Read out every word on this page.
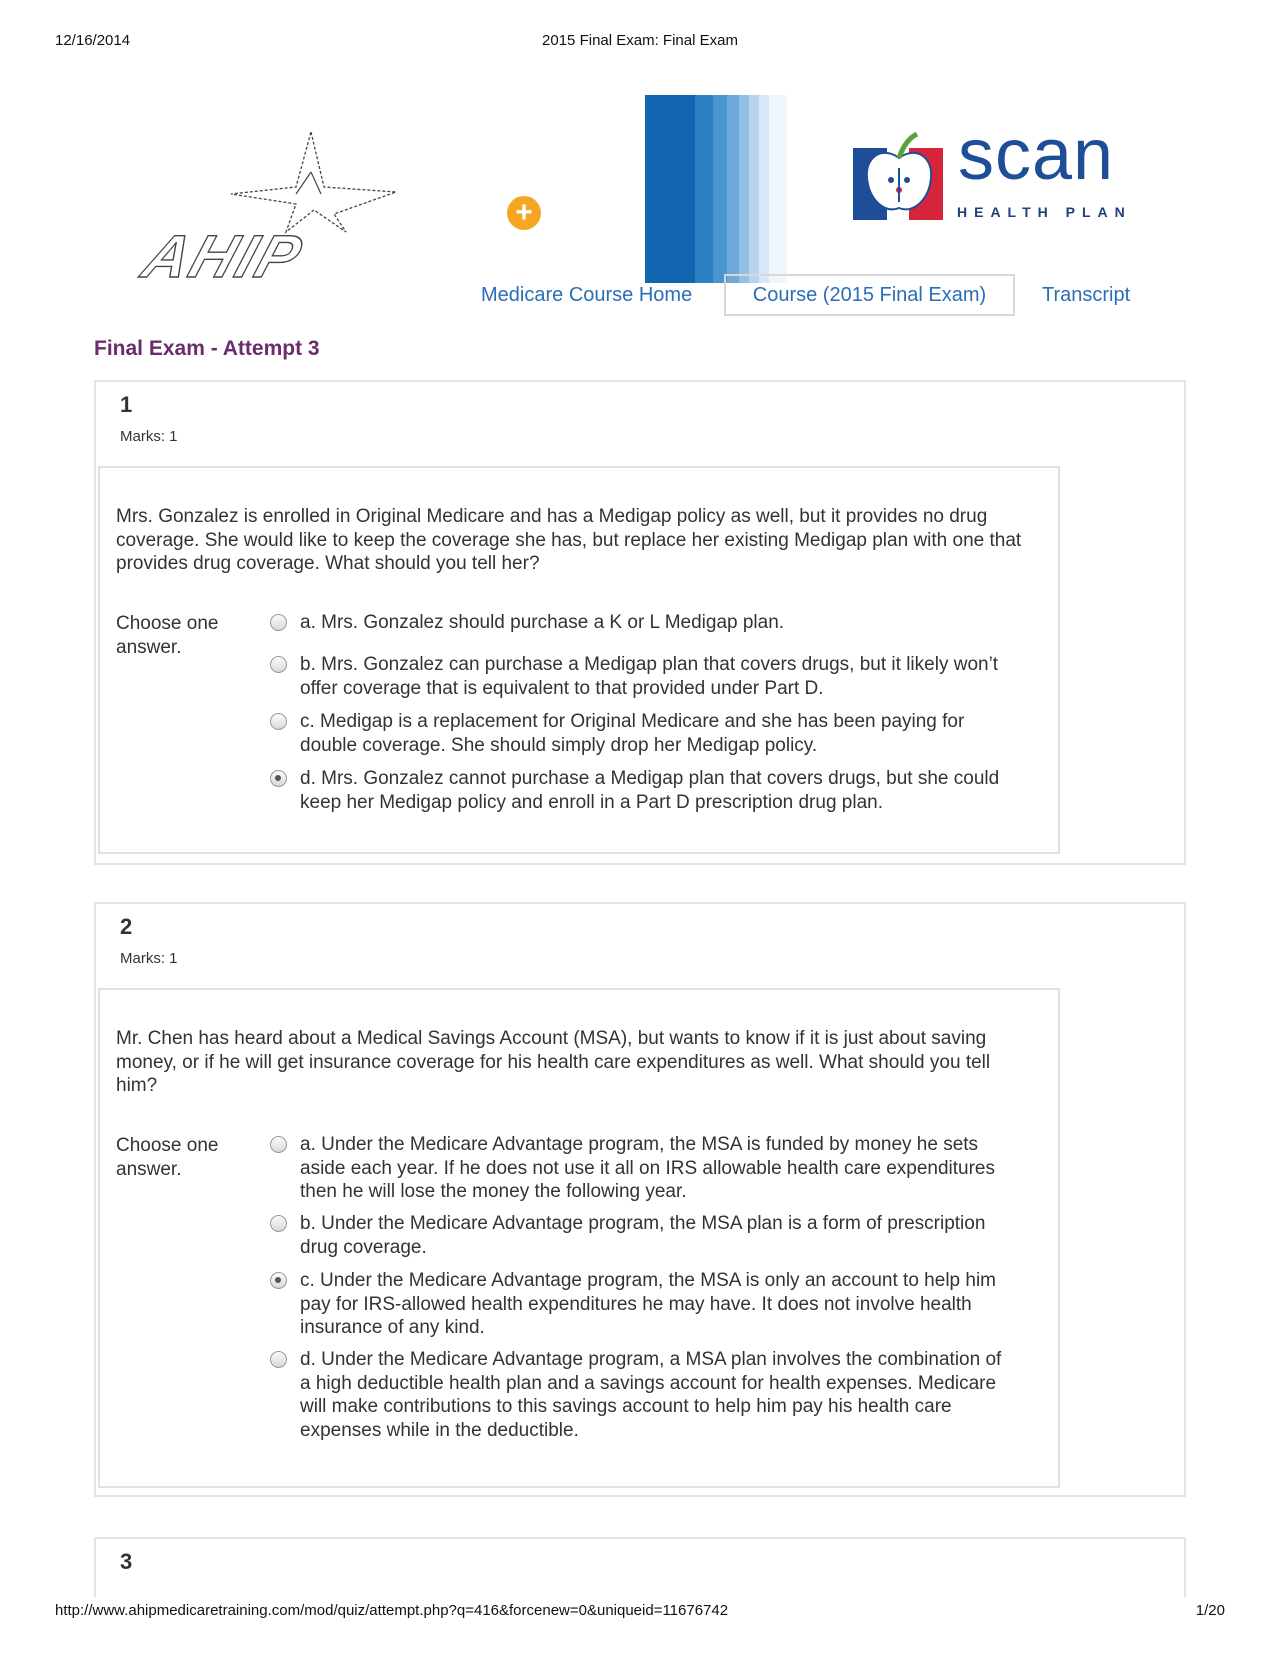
12/16/2014	2015 Final Exam: Final Exam
AHIP
+
scan
HEALTH PLAN
Medicare Course Home	Course (2015 Final Exam)	Transcript
Final Exam - Attempt 3
1
Marks: 1
Mrs. Gonzalez is enrolled in Original Medicare and has a Medigap policy as well, but it provides no drug coverage. She would like to keep the coverage she has, but replace her existing Medigap plan with one that provides drug coverage. What should you tell her?
Choose one answer.
a. Mrs. Gonzalez should purchase a K or L Medigap plan.
b. Mrs. Gonzalez can purchase a Medigap plan that covers drugs, but it likely won’t offer coverage that is equivalent to that provided under Part D.
c. Medigap is a replacement for Original Medicare and she has been paying for double coverage. She should simply drop her Medigap policy.
d. Mrs. Gonzalez cannot purchase a Medigap plan that covers drugs, but she could keep her Medigap policy and enroll in a Part D prescription drug plan.
2
Marks: 1
Mr. Chen has heard about a Medical Savings Account (MSA), but wants to know if it is just about saving money, or if he will get insurance coverage for his health care expenditures as well. What should you tell him?
Choose one answer.
a. Under the Medicare Advantage program, the MSA is funded by money he sets aside each year. If he does not use it all on IRS allowable health care expenditures then he will lose the money the following year.
b. Under the Medicare Advantage program, the MSA plan is a form of prescription drug coverage.
c. Under the Medicare Advantage program, the MSA is only an account to help him pay for IRS-allowed health expenditures he may have. It does not involve health insurance of any kind.
d. Under the Medicare Advantage program, a MSA plan involves the combination of a high deductible health plan and a savings account for health expenses. Medicare will make contributions to this savings account to help him pay his health care expenses while in the deductible.
3
http://www.ahipmedicaretraining.com/mod/quiz/attempt.php?q=416&forcenew=0&uniqueid=11676742	1/20
